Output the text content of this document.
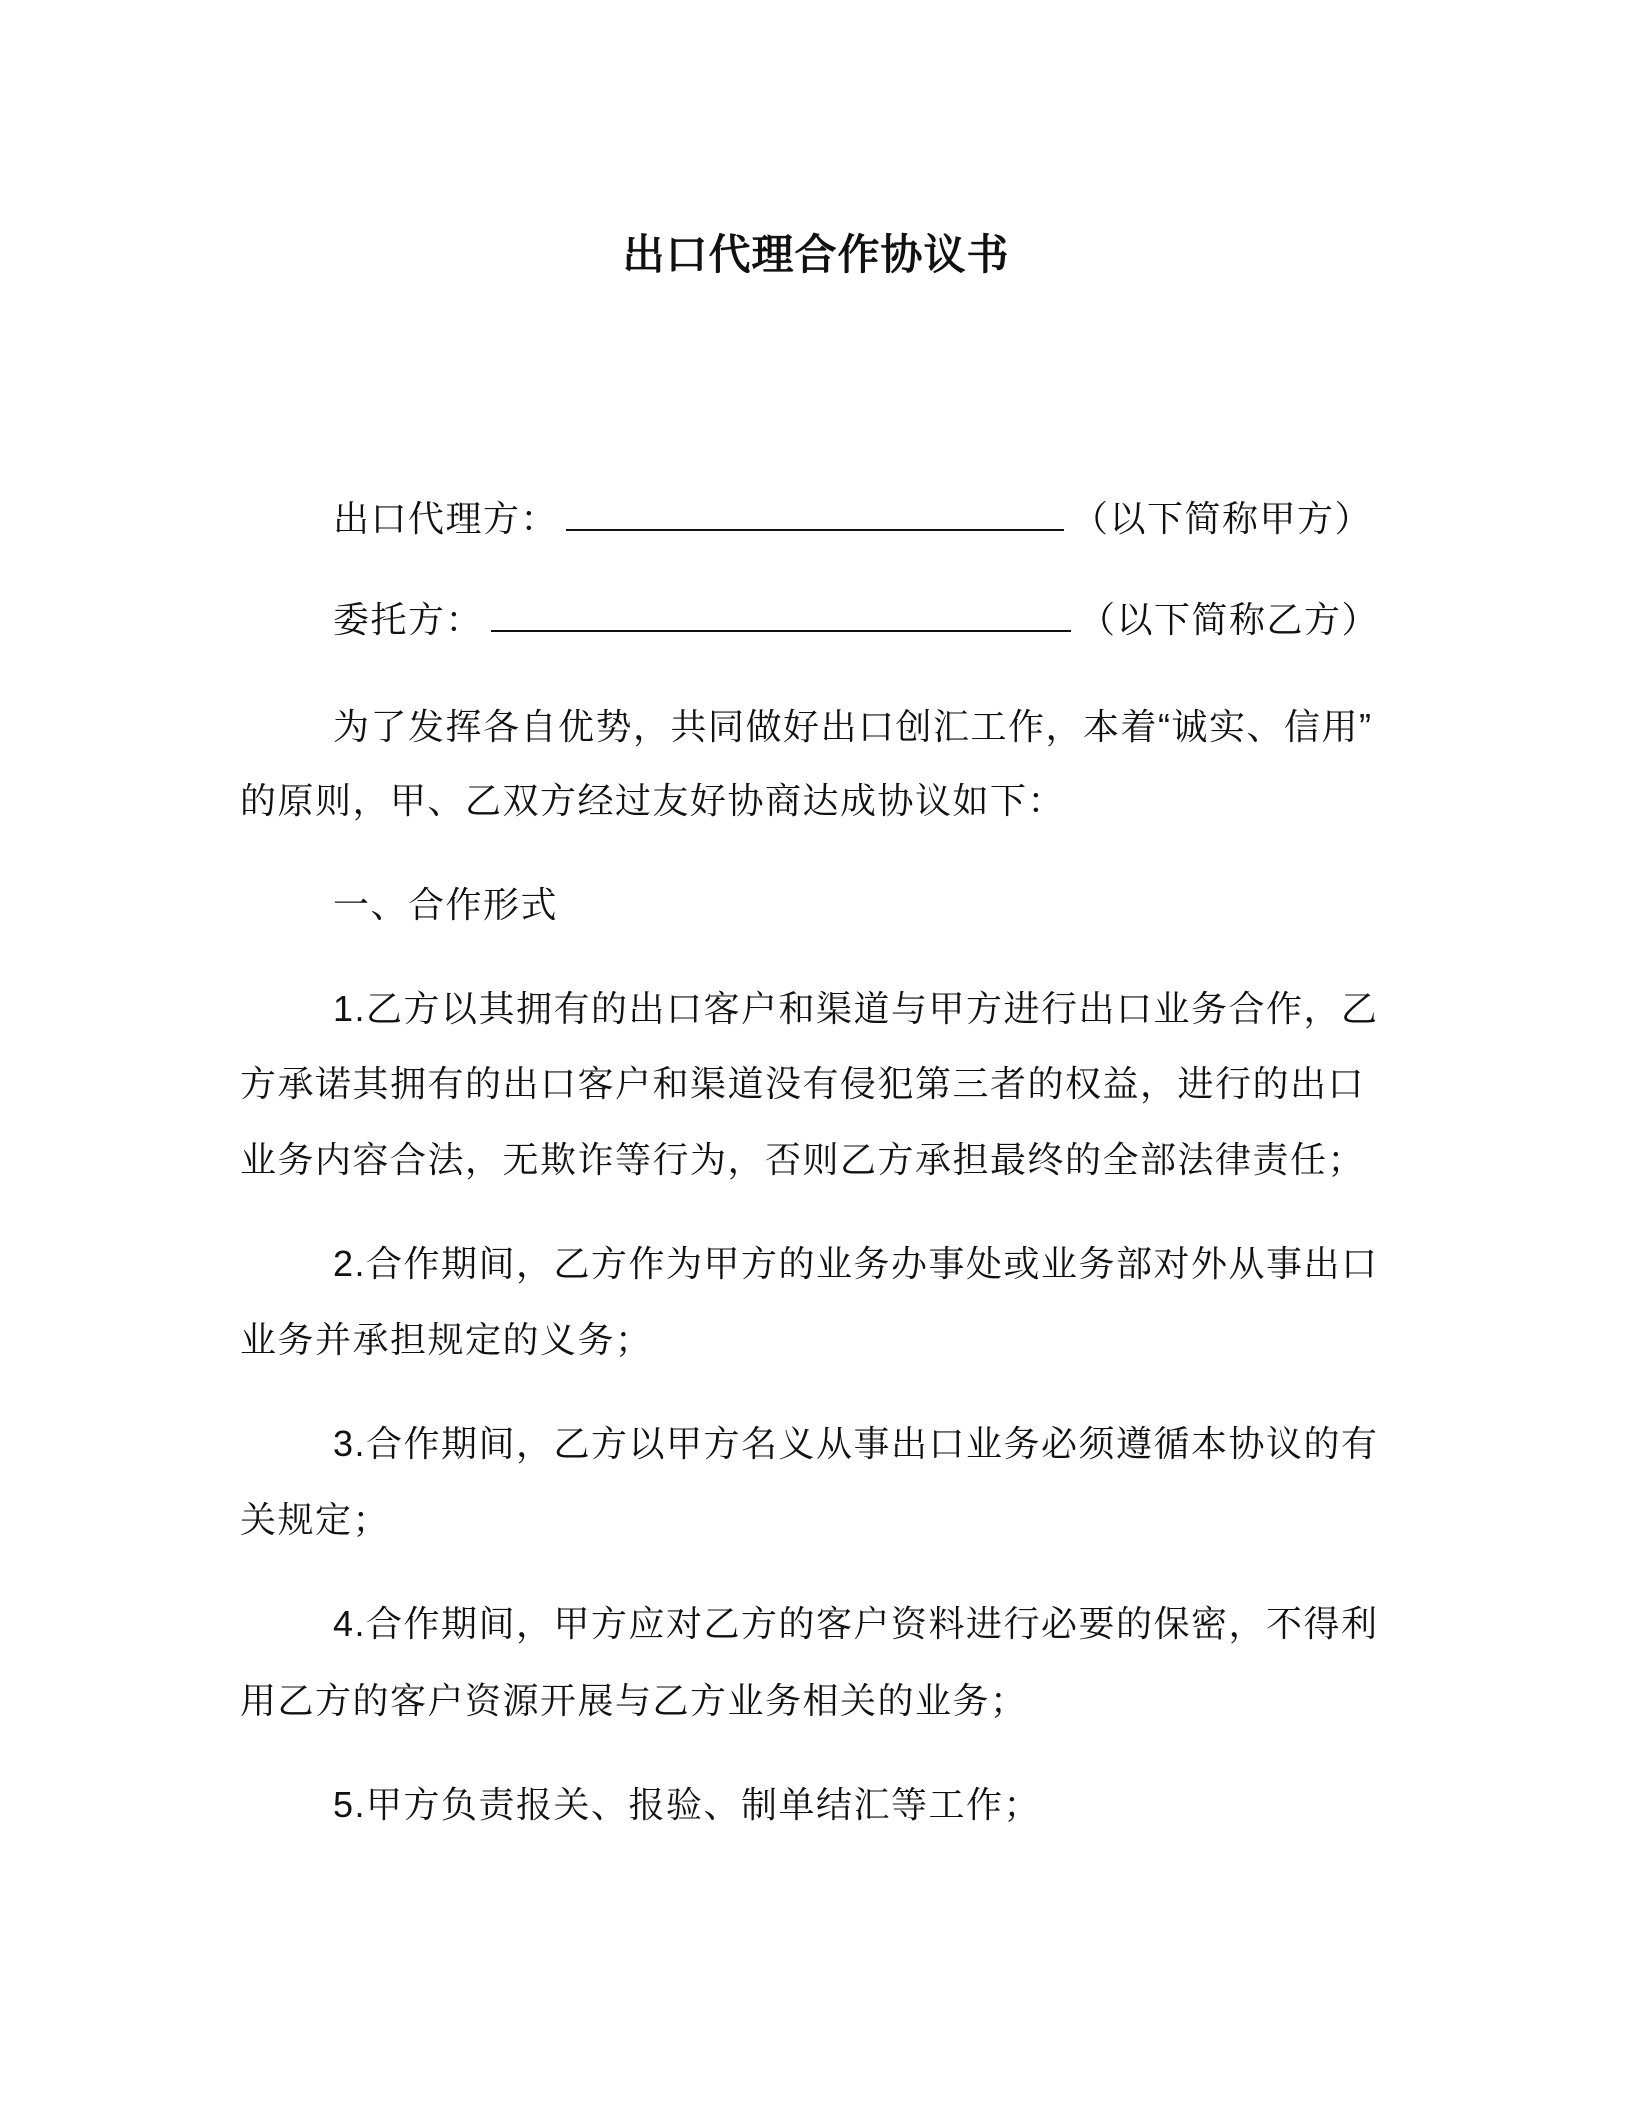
出口代理合作协议书
出口代理方：	（以下简称甲方）
委托方：	（以下简称乙方）
为了发挥各自优势，共同做好出口创汇工作，本着“诚实、信用”
的原则，甲、乙双方经过友好协商达成协议如下：
一、合作形式
1.乙方以其拥有的出口客户和渠道与甲方进行出口业务合作，乙
方承诺其拥有的出口客户和渠道没有侵犯第三者的权益，进行的出口
业务内容合法，无欺诈等行为，否则乙方承担最终的全部法律责任；
2.合作期间，乙方作为甲方的业务办事处或业务部对外从事出口
业务并承担规定的义务；
3.合作期间，乙方以甲方名义从事出口业务必须遵循本协议的有
关规定；
4.合作期间，甲方应对乙方的客户资料进行必要的保密，不得利
用乙方的客户资源开展与乙方业务相关的业务；
5.甲方负责报关、报验、制单结汇等工作；
